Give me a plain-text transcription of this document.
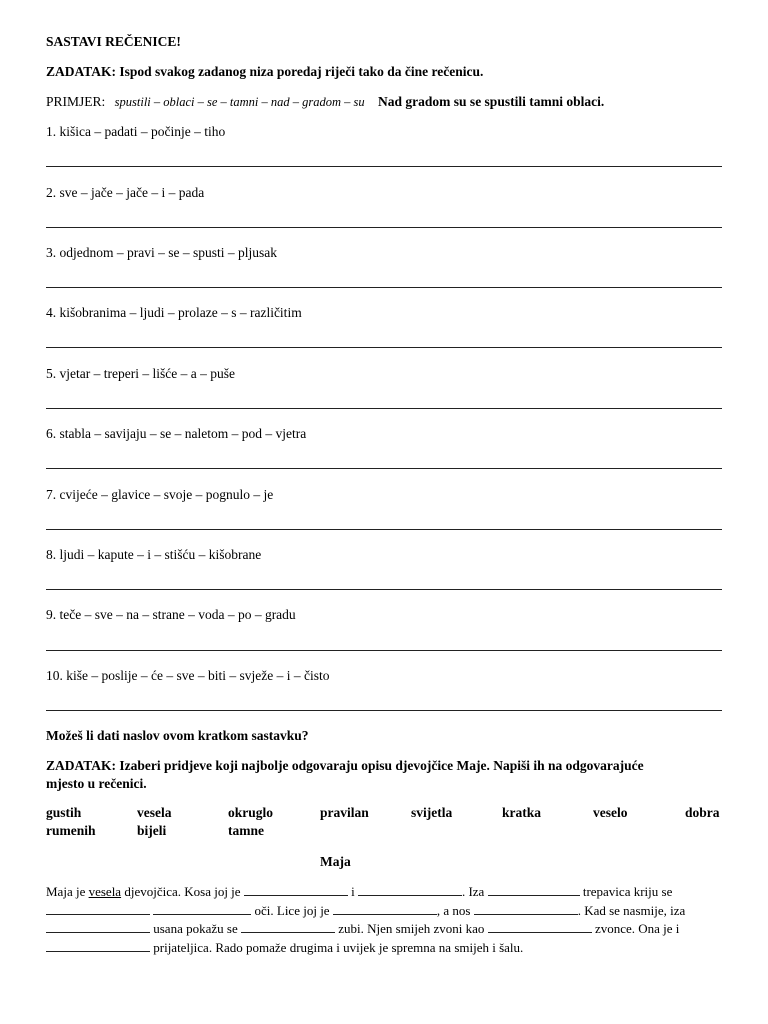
SASTAVI REČENICE!
ZADATAK: Ispod svakog zadanog niza poredaj riječi tako da čine rečenicu.
PRIMJER: spustili – oblaci – se – tamni – nad – gradom – su Nad gradom su se spustili tamni oblaci.
1. kišica – padati – počinje – tiho
2. sve – jače – jače – i – pada
3. odjednom – pravi – se – spusti – pljusak
4. kišobranima – ljudi – prolaze – s – različitim
5. vjetar – treperi – lišće – a – puše
6. stabla – savijaju – se – naletom – pod – vjetra
7. cvijeće – glavice – svoje – pognulo – je
8. ljudi – kapute – i – stišću – kišobrane
9. teče – sve – na – strane – voda – po – gradu
10. kiše – poslije – će – sve – biti – svježe – i – čisto
Možeš li dati naslov ovom kratkom sastavku?
ZADATAK: Izaberi pridjeve koji najbolje odgovaraju opisu djevojčice Maje. Napiši ih na odgovarajuće
mjesto u rečenici.
gustih	vesela	okruglo	pravilan	svijetla	kratka	veselo	dobra
rumenih	bijeli	tamne
Maja
Maja je vesela djevojčica. Kosa joj je	i	. Iza	trepavica kriju se
oči. Lice joj je	, a nos	. Kad se nasmije, iza
usana pokažu se	zubi. Njen smijeh zvoni kao	zvonce. Ona je i
prijateljica. Rado pomaže drugima i uvijek je spremna na smijeh i šalu.
